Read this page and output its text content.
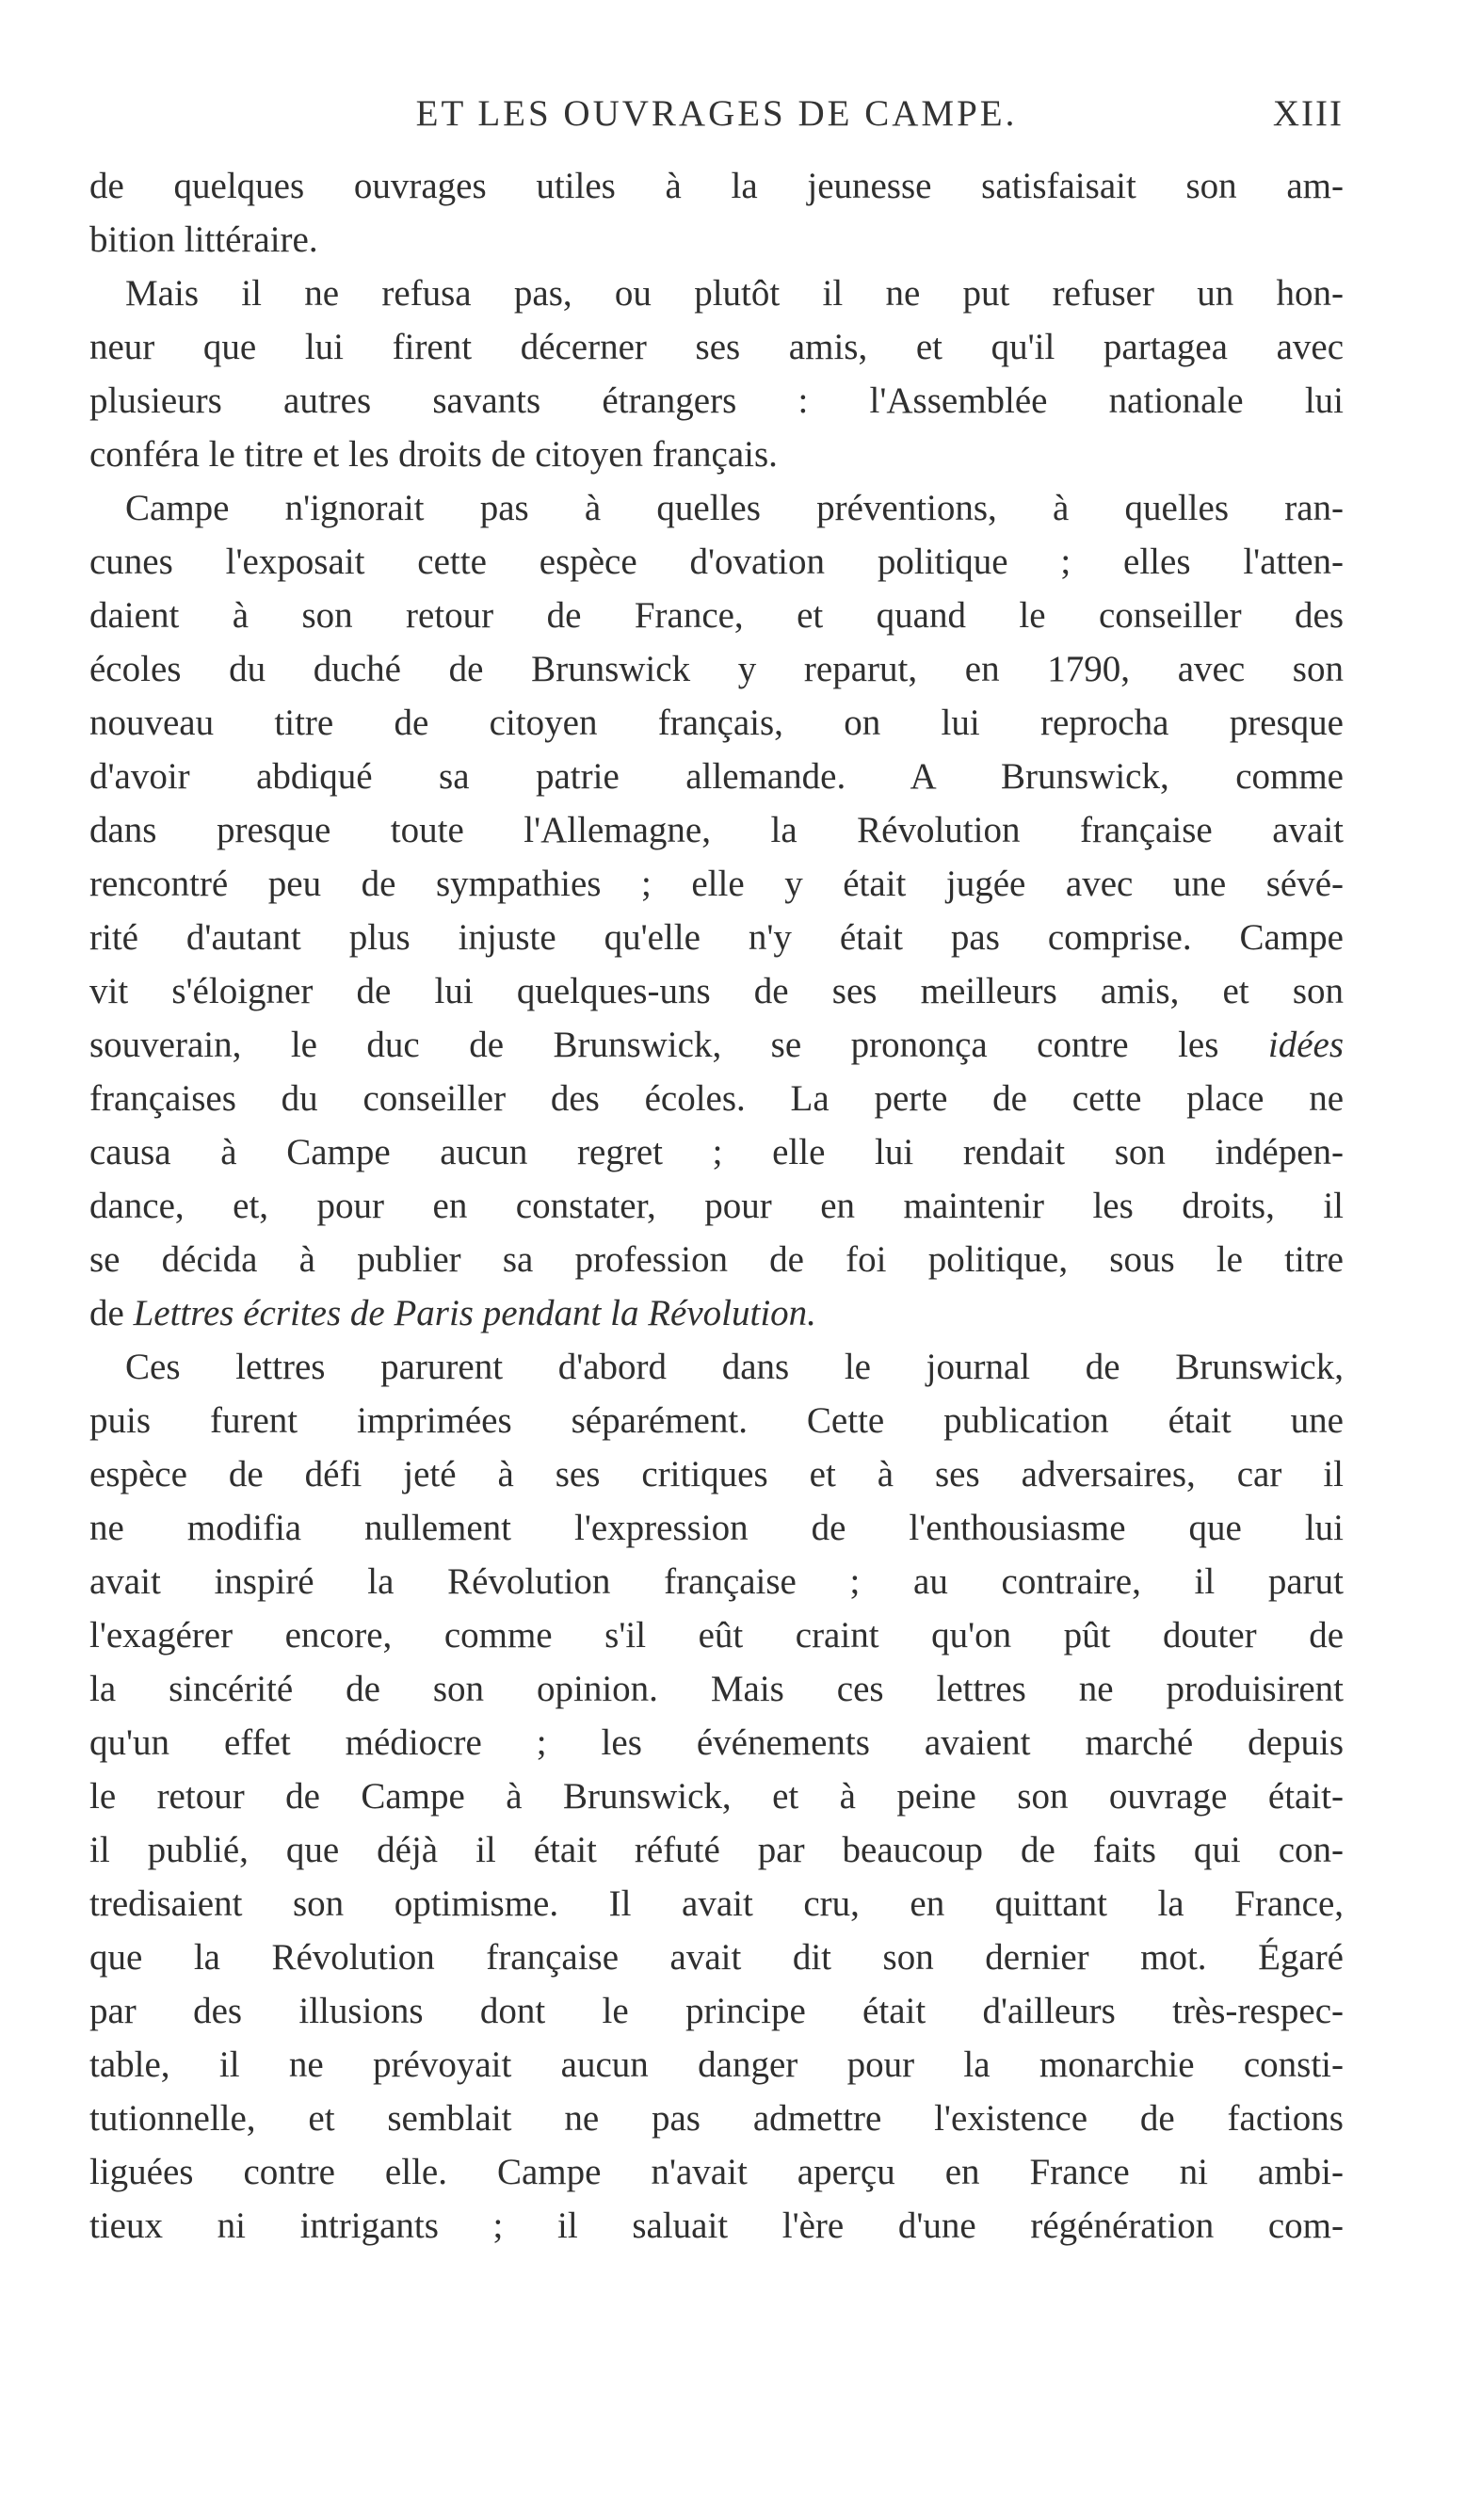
ET LES OUVRAGES DE CAMPE.	XIII
de quelques ouvrages utiles à la jeunesse satisfaisait son am-
bition littéraire.
Mais il ne refusa pas, ou plutôt il ne put refuser un hon-
neur que lui firent décerner ses amis, et qu'il partagea avec
plusieurs autres savants étrangers : l'Assemblée nationale lui
conféra le titre et les droits de citoyen français.
Campe n'ignorait pas à quelles préventions, à quelles ran-
cunes l'exposait cette espèce d'ovation politique ; elles l'atten-
daient à son retour de France, et quand le conseiller des
écoles du duché de Brunswick y reparut, en 1790, avec son
nouveau titre de citoyen français, on lui reprocha presque
d'avoir abdiqué sa patrie allemande. A Brunswick, comme
dans presque toute l'Allemagne, la Révolution française avait
rencontré peu de sympathies ; elle y était jugée avec une sévé-
rité d'autant plus injuste qu'elle n'y était pas comprise. Campe
vit s'éloigner de lui quelques-uns de ses meilleurs amis, et son
souverain, le duc de Brunswick, se prononça contre les idées
françaises du conseiller des écoles. La perte de cette place ne
causa à Campe aucun regret ; elle lui rendait son indépen-
dance, et, pour en constater, pour en maintenir les droits, il
se décida à publier sa profession de foi politique, sous le titre
de Lettres écrites de Paris pendant la Révolution.
Ces lettres parurent d'abord dans le journal de Brunswick,
puis furent imprimées séparément. Cette publication était une
espèce de défi jeté à ses critiques et à ses adversaires, car il
ne modifia nullement l'expression de l'enthousiasme que lui
avait inspiré la Révolution française ; au contraire, il parut
l'exagérer encore, comme s'il eût craint qu'on pût douter de
la sincérité de son opinion. Mais ces lettres ne produisirent
qu'un effet médiocre ; les événements avaient marché depuis
le retour de Campe à Brunswick, et à peine son ouvrage était-
il publié, que déjà il était réfuté par beaucoup de faits qui con-
tredisaient son optimisme. Il avait cru, en quittant la France,
que la Révolution française avait dit son dernier mot. Égaré
par des illusions dont le principe était d'ailleurs très-respec-
table, il ne prévoyait aucun danger pour la monarchie consti-
tutionnelle, et semblait ne pas admettre l'existence de factions
liguées contre elle. Campe n'avait aperçu en France ni ambi-
tieux ni intrigants ; il saluait l'ère d'une régénération com-
